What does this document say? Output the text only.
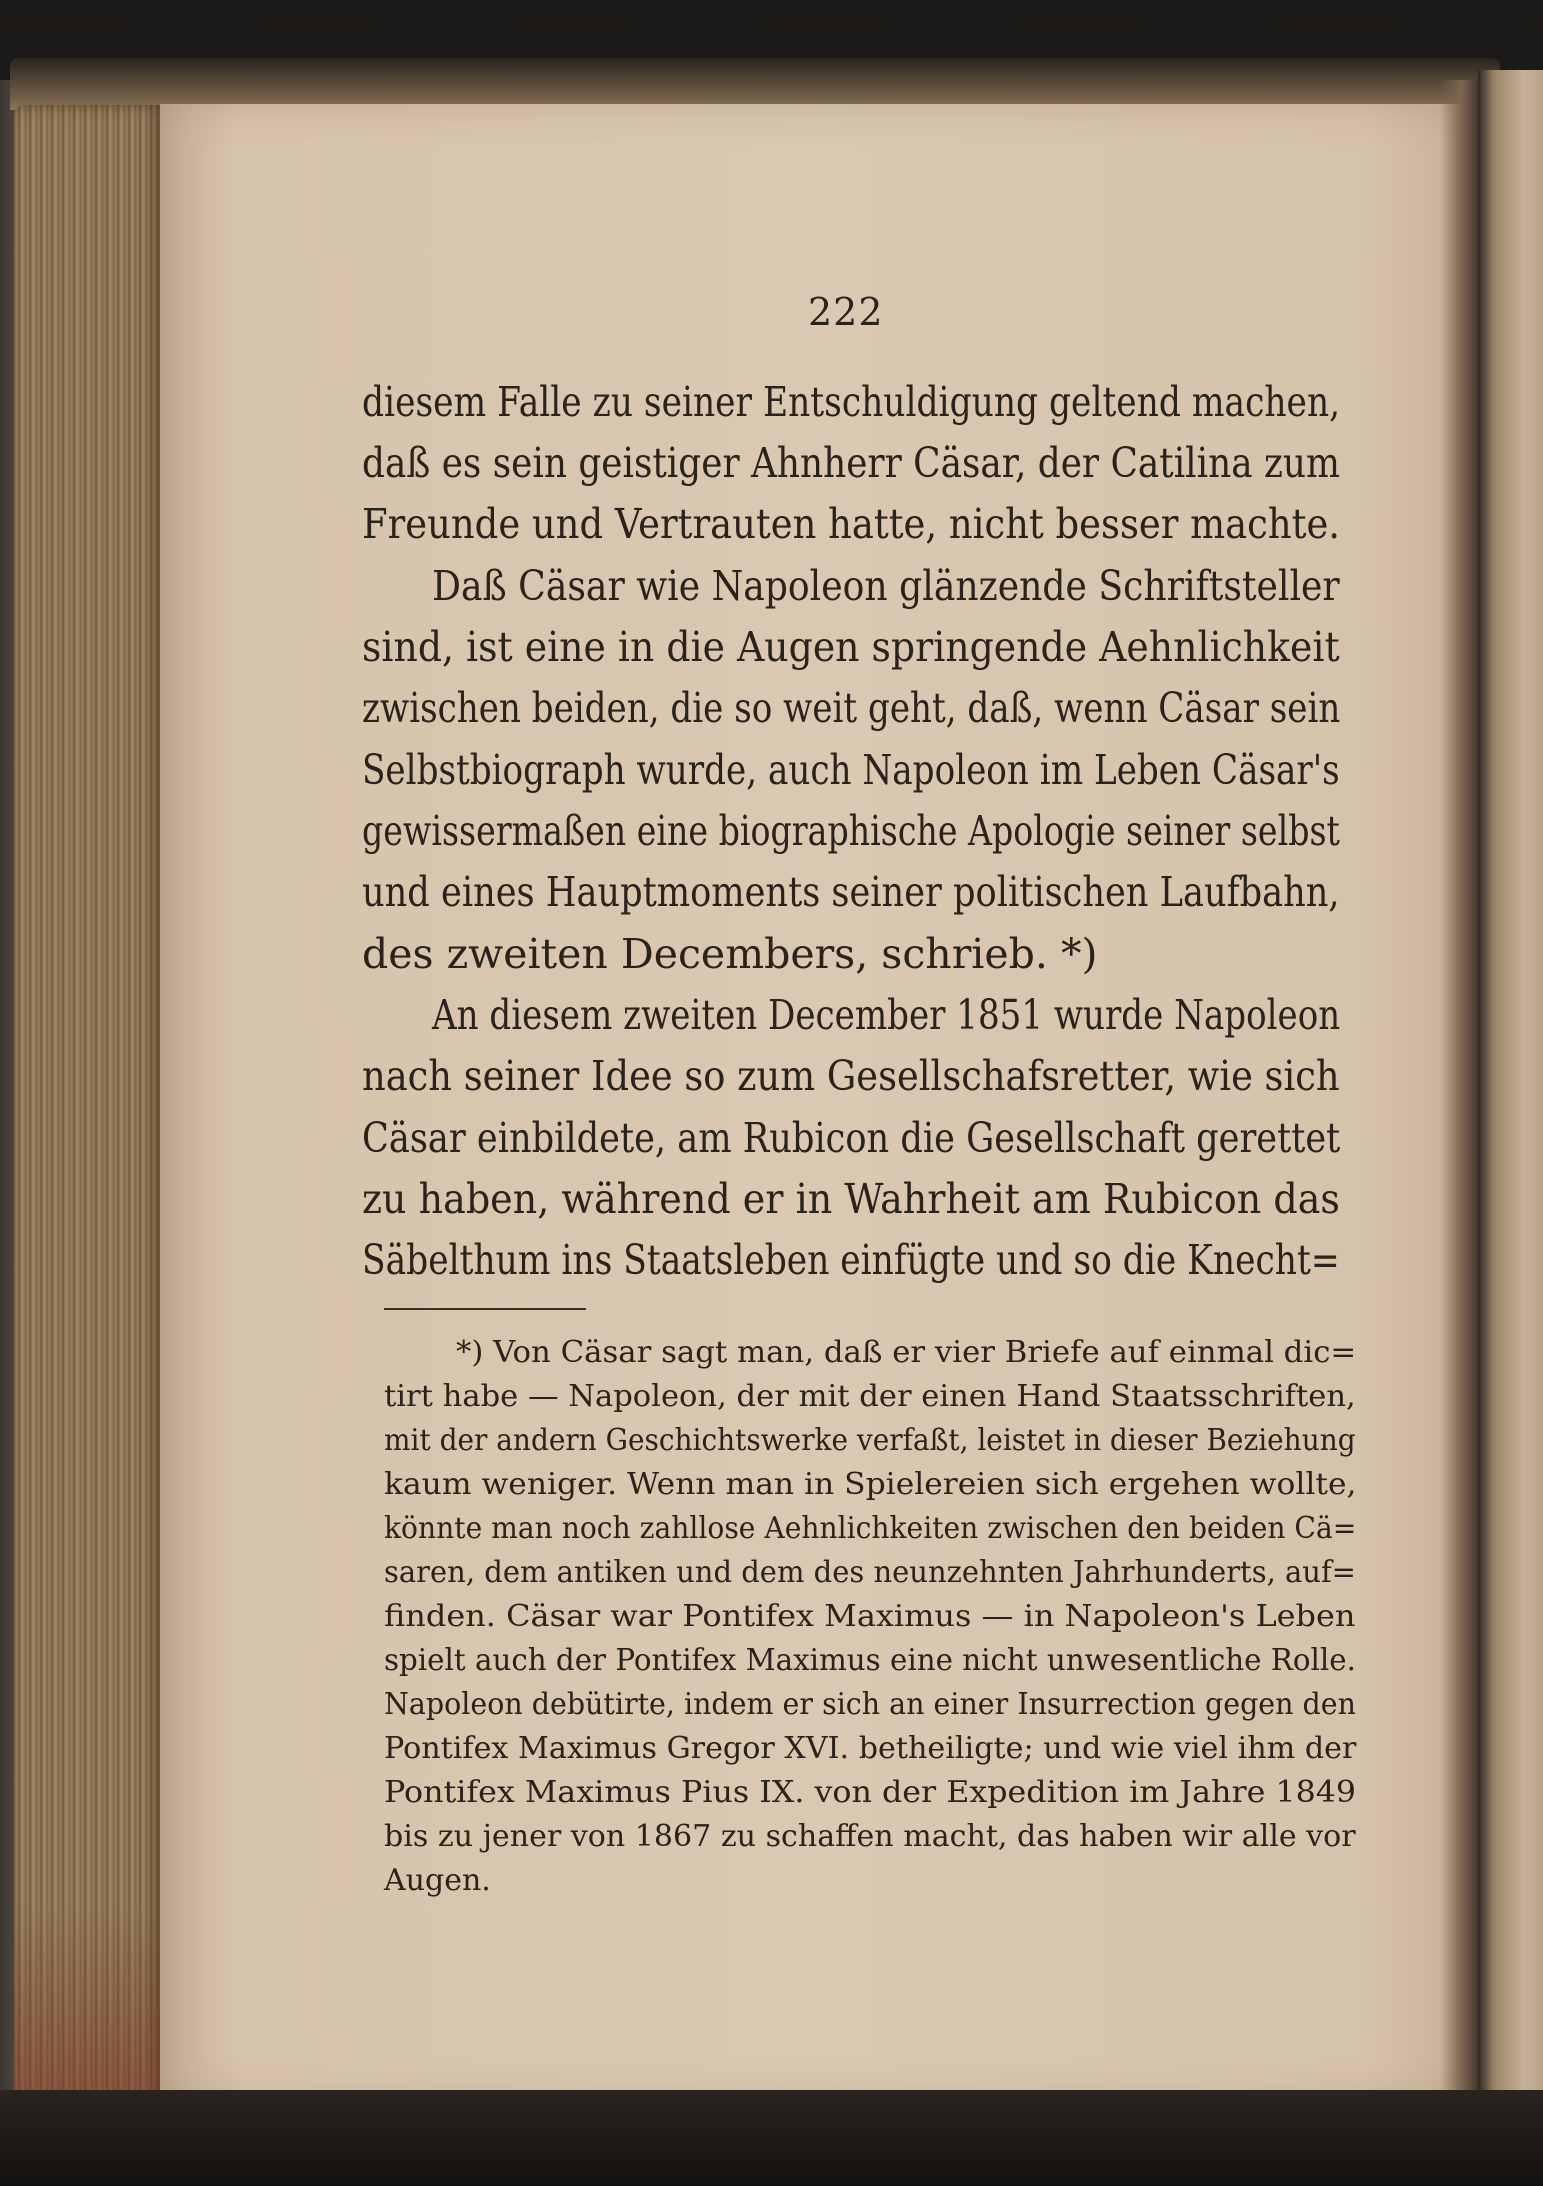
222
diesem Falle zu seiner Entschuldigung geltend machen,
daß es sein geistiger Ahnherr Cäsar, der Catilina zum
Freunde und Vertrauten hatte, nicht besser machte.
Daß Cäsar wie Napoleon glänzende Schriftsteller
sind, ist eine in die Augen springende Aehnlichkeit
zwischen beiden, die so weit geht, daß, wenn Cäsar sein
Selbstbiograph wurde, auch Napoleon im Leben Cäsar's
gewissermaßen eine biographische Apologie seiner selbst
und eines Hauptmoments seiner politischen Laufbahn,
des zweiten Decembers, schrieb. *)
An diesem zweiten December 1851 wurde Napoleon
nach seiner Idee so zum Gesellschafsretter, wie sich
Cäsar einbildete, am Rubicon die Gesellschaft gerettet
zu haben, während er in Wahrheit am Rubicon das
Säbelthum ins Staatsleben einfügte und so die Knecht=
*) Von Cäsar sagt man, daß er vier Briefe auf einmal dic=
tirt habe — Napoleon, der mit der einen Hand Staatsschriften,
mit der andern Geschichtswerke verfaßt, leistet in dieser Beziehung
kaum weniger. Wenn man in Spielereien sich ergehen wollte,
könnte man noch zahllose Aehnlichkeiten zwischen den beiden Cä=
saren, dem antiken und dem des neunzehnten Jahrhunderts, auf=
finden. Cäsar war Pontifex Maximus — in Napoleon's Leben
spielt auch der Pontifex Maximus eine nicht unwesentliche Rolle.
Napoleon debütirte, indem er sich an einer Insurrection gegen den
Pontifex Maximus Gregor XVI. betheiligte; und wie viel ihm der
Pontifex Maximus Pius IX. von der Expedition im Jahre 1849
bis zu jener von 1867 zu schaffen macht, das haben wir alle vor
Augen.
